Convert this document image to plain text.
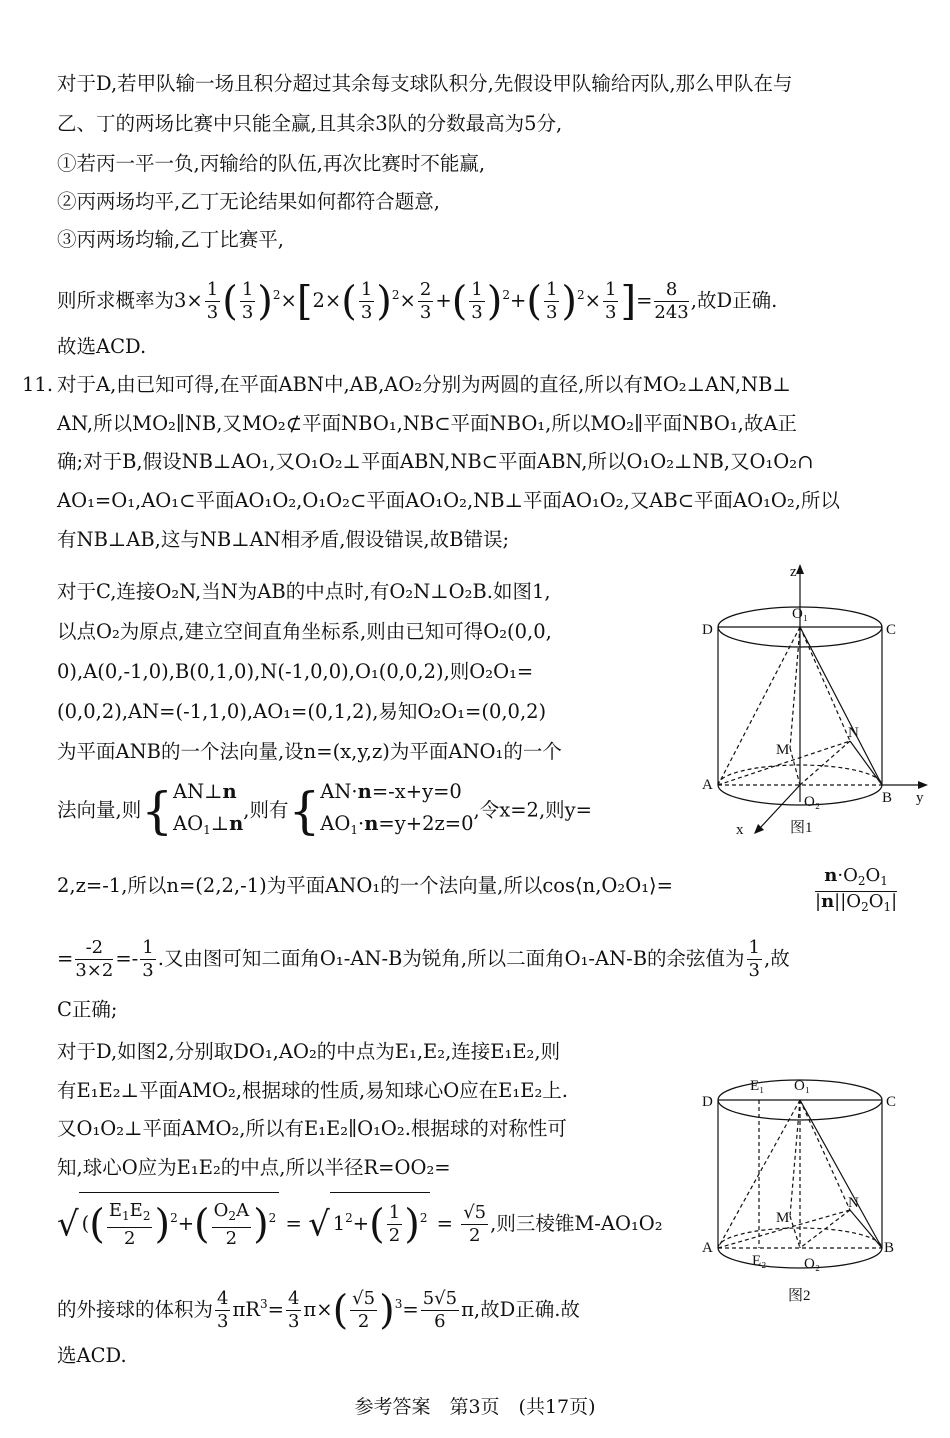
对于D,若甲队输一场且积分超过其余每支球队积分,先假设甲队输给丙队,那么甲队在与
乙、丁的两场比赛中只能全赢,且其余3队的分数最高为5分,
①若丙一平一负,丙输给的队伍,再次比赛时不能赢,
②丙两场均平,乙丁无论结果如何都符合题意,
③丙两场均输,乙丁比赛平,
则所求概率为$3\times \frac{1}{3}$ ( $\frac{1}{3} )^2\times[2\times( \frac{1}{3} )^2\times \frac{2}{3}$ +( $\frac{1}{3} )^2+( \frac{1}{3} )^2\times \frac{1}{3}$ ]= $\frac{8}{243}$ ,故D正确.
故选ACD.
11. 对于A,由已知可得,在平面ABN中,AB,AO₂分别为两圆的直径,所以有MO₂⊥AN,NB⊥
AN,所以MO₂∥NB,又MO₂⊄平面NBO₁,NB⊂平面NBO₁,所以MO₂∥平面NBO₁,故A正
确;对于B,假设NB⊥AO₁,又O₁O₂⊥平面ABN,NB⊂平面ABN,所以O₁O₂⊥NB,又O₁O₂∩
AO₁=O₁,AO₁⊂平面AO₁O₂,O₁O₂⊂平面AO₁O₂,NB⊥平面AO₁O₂,又AB⊂平面AO₁O₂,所以
有NB⊥AB,这与NB⊥AN相矛盾,假设错误,故B错误;
对于C,连接O₂N,当N为AB的中点时,有O₂N⊥O₂B.如图1,
以点O₂为原点,建立空间直角坐标系,则由已知可得O₂(0,0,
0),A(0,-1,0),B(0,1,0),N(-1,0,0),O₁(0,0,2),则O₂O₁=
(0,0,2),AN=(-1,1,0),AO₁=(0,1,2),易知O₂O₁=(0,0,2)
为平面ANB的一个法向量,设n=(x,y,z)为平面ANO₁的一个
法向量,则{AN⊥n
$AO_1\perp n$,则有{AN·n=-x+y=0
$AO_1\cdot n=y+2z=0$,令x=2,则y=
2,z=-1,所以n=(2,2,-1)为平面ANO₁的一个法向量,所以cos⟨n,O₂O₁⟩=	$n\cdot O_2O_1$
$|n||O_2O_1|$
= $\frac{-2}{3\times 2} =- \frac{1}{3}$ .又由图可知二面角O₁-AN-B为锐角,所以二面角O₁-AN-B的余弦值为 $\frac{1}{3}$ ,故
C正确;
对于D,如图2,分别取DO₁,AO₂的中点为E₁,E₂,连接E₁E₂,则
有E₁E₂⊥平面AMO₂,根据球的性质,易知球心O应在E₁E₂上.
又O₁O₂⊥平面AMO₂,所以有E₁E₂∥O₁O₂.根据球的对称性可
知,球心O应为E₁E₂的中点,所以半径R=OO₂=
√ (( $\frac{E_1E_2}{2} )^2+( \frac{O_2A}{2} )^2$ = √ $1^2+( \frac{1}{2} )^2 = \frac{√5}{2}$ ,则三棱锥M-AO₁O₂
的外接球的体积为 $\frac{4}{3} \pi R^3= \frac{4}{3} \pi\times( \frac{√5}{2} )^3= \frac{5√5}{6} \pi$,故D正确.故
选ACD.
z
y
x
O₁
D	C
A
B
M
N
O₂
图1
E₁ O₁
D	C
A	B
M
N
O₂
E₂
图2
参考答案　第3页　(共17页)
